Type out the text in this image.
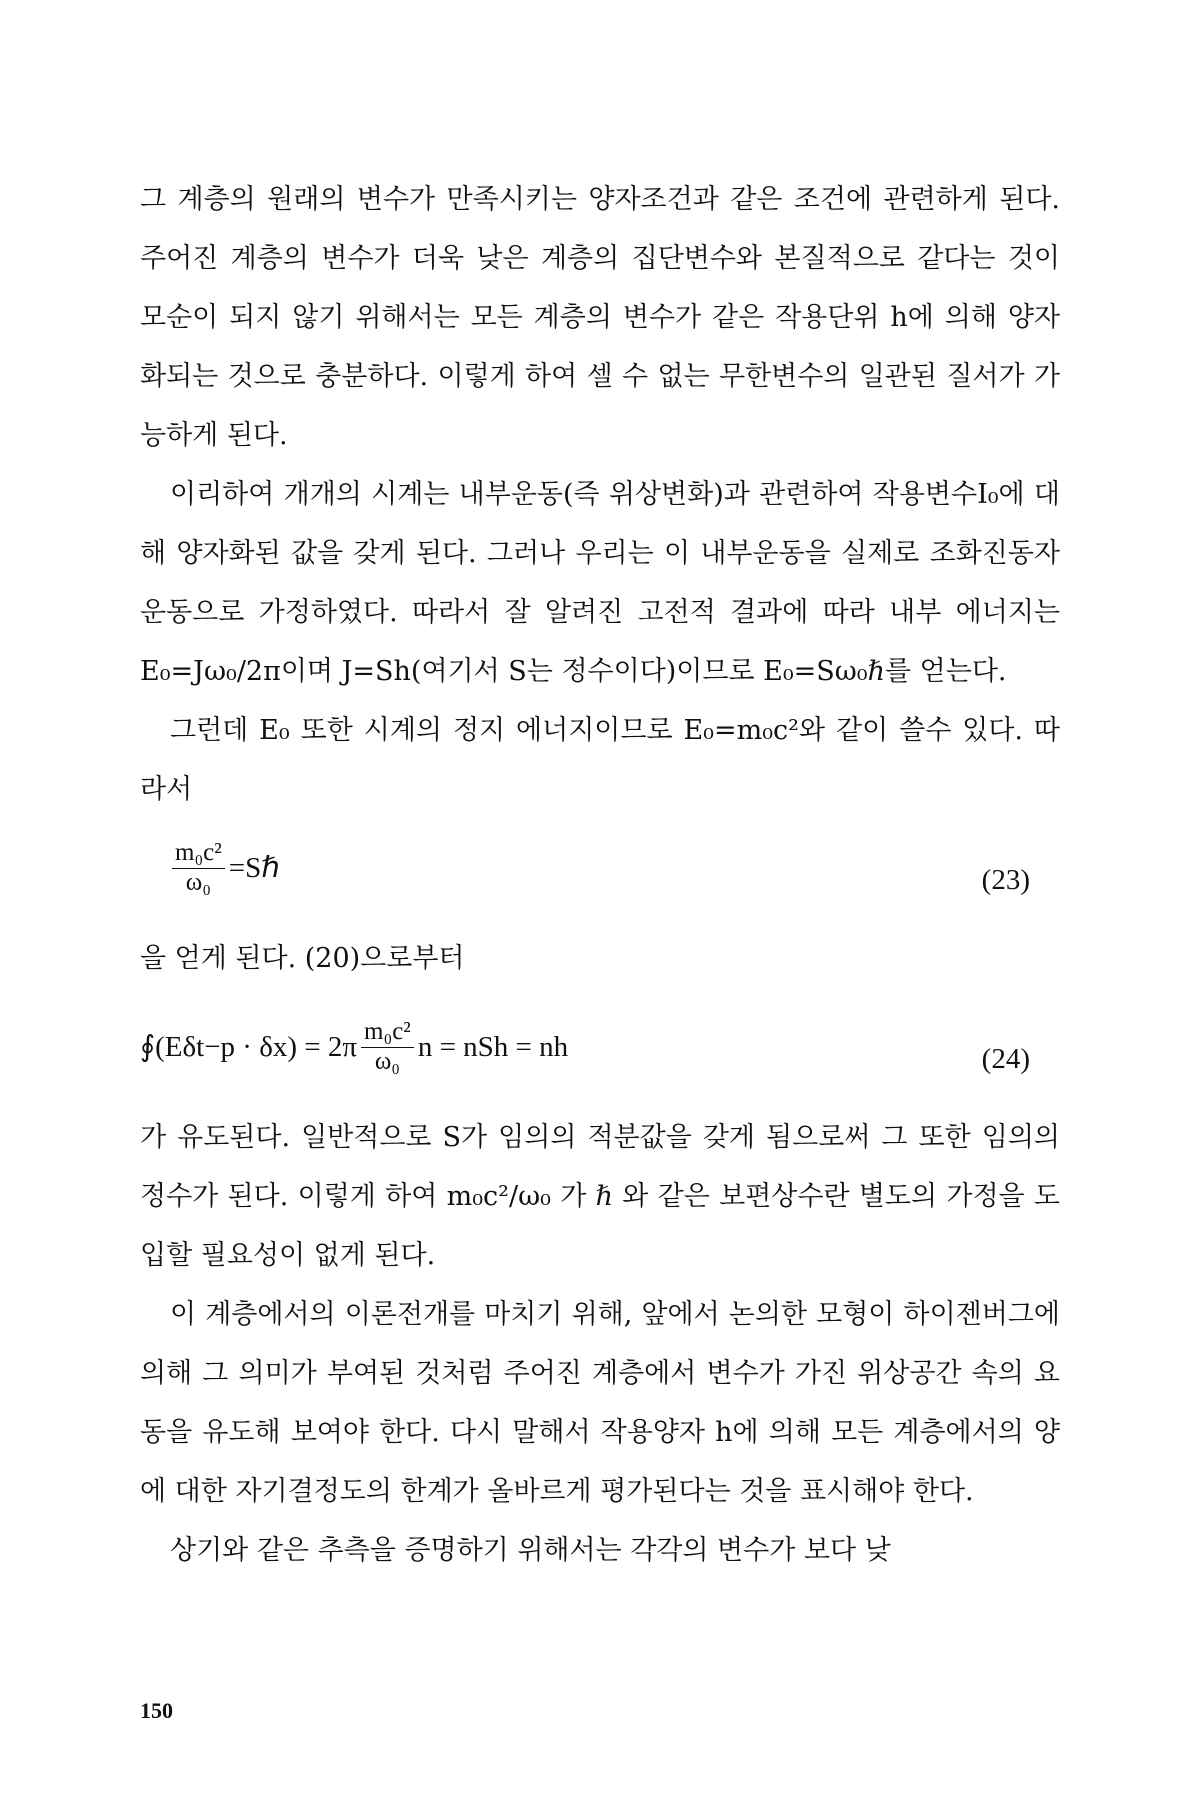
그 계층의 원래의 변수가 만족시키는 양자조건과 같은 조건에 관련하게 된다. 주어진 계층의 변수가 더욱 낮은 계층의 집단변수와 본질적으로 같다는 것이 모순이 되지 않기 위해서는 모든 계층의 변수가 같은 작용단위 h에 의해 양자화되는 것으로 충분하다. 이렇게 하여 셀 수 없는 무한변수의 일관된 질서가 가능하게 된다.

이리하여 개개의 시계는 내부운동(즉 위상변화)과 관련하여 작용변수I₀에 대해 양자화된 값을 갖게 된다. 그러나 우리는 이 내부운동을 실제로 조화진동자 운동으로 가정하였다. 따라서 잘 알려진 고전적 결과에 따라 내부 에너지는 E₀=Jω₀/2π이며 J=Sh(여기서 S는 정수이다)이므로 E₀=Sω₀ℏ를 얻는다.

그런데 E₀ 또한 시계의 정지 에너지이므로 E₀=m₀c²와 같이 쓸수 있다. 따라서

$\frac{\text{m₀c²}}{\text{ω₀}}$ =Sℏ	(23)

을 얻게 된다. (20)으로부터

∮(Eδt−p · $\delta x) = 2\pi \frac{\text{m₀c²}}{\text{ω₀}}$ n = nSh = nh	(24)

가 유도된다. 일반적으로 S가 임의의 적분값을 갖게 됨으로써 그 또한 임의의정수가 된다. 이렇게 하여 m₀c²/ω₀ 가 ℏ 와 같은 보편상수란 별도의 가정을 도입할 필요성이 없게 된다.

이 계층에서의 이론전개를 마치기 위해, 앞에서 논의한 모형이 하이젠버그에 의해 그 의미가 부여된 것처럼 주어진 계층에서 변수가 가진 위상공간 속의 요동을 유도해 보여야 한다. 다시 말해서 작용양자 h에 의해 모든 계층에서의 양에 대한 자기결정도의 한계가 올바르게 평가된다는 것을 표시해야 한다.

상기와 같은 추측을 증명하기 위해서는 각각의 변수가 보다 낮

150
